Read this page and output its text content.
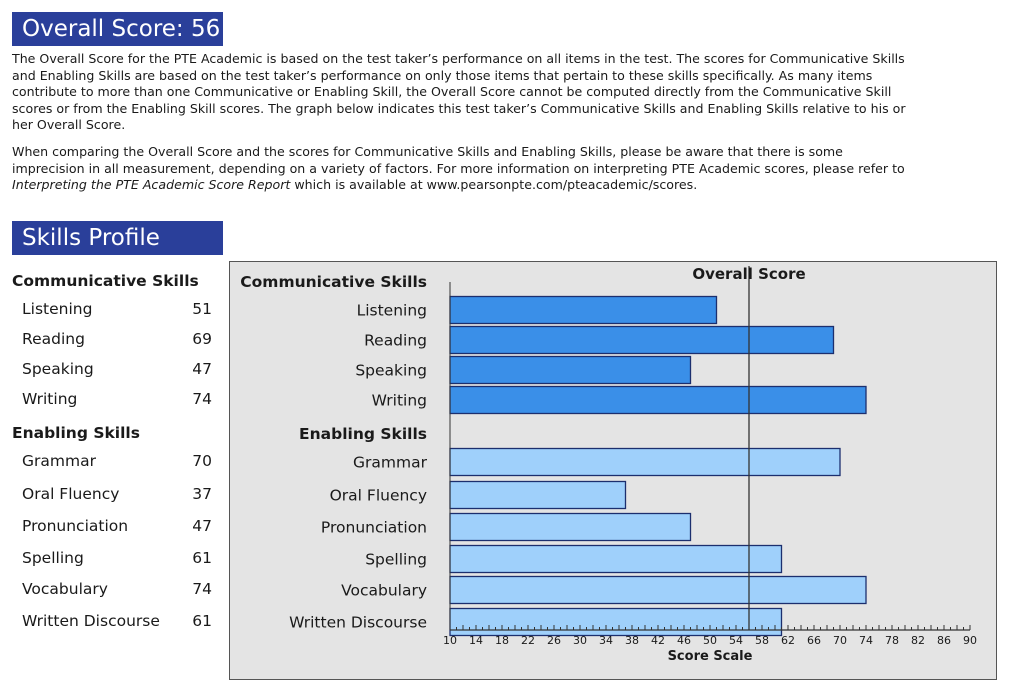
Overall Score: 56

The Overall Score for the PTE Academic is based on the test taker’s performance on all items in the test. The scores for Communicative Skills and Enabling Skills are based on the test taker’s performance on only those items that pertain to these skills specifically. As many items contribute to more than one Communicative or Enabling Skill, the Overall Score cannot be computed directly from the Communicative Skill scores or from the Enabling Skill scores. The graph below indicates this test taker’s Communicative Skills and Enabling Skills relative to his or her Overall Score.

When comparing the Overall Score and the scores for Communicative Skills and Enabling Skills, please be aware that there is some imprecision in all measurement, depending on a variety of factors. For more information on interpreting PTE Academic scores, please refer to Interpreting the PTE Academic Score Report which is available at www.pearsonpte.com/pteacademic/scores.

Skills Profile
Communicative Skills
Listening	51
Reading	69
Speaking	47
Writing	74
Enabling Skills
Grammar	70
Oral Fluency	37
Pronunciation	47
Spelling	61
Vocabulary	74
Written Discourse 61
Communicative Skills
Listening
Reading
Speaking
Writing
Enabling Skills
Grammar
Oral Fluency
Pronunciation
Spelling
Vocabulary
Written Discourse
Overall Score
10 14 18 22 26 30 34 38 42 46 50 54 58 62 66 70 74 78 82 86 90
Score Scale
